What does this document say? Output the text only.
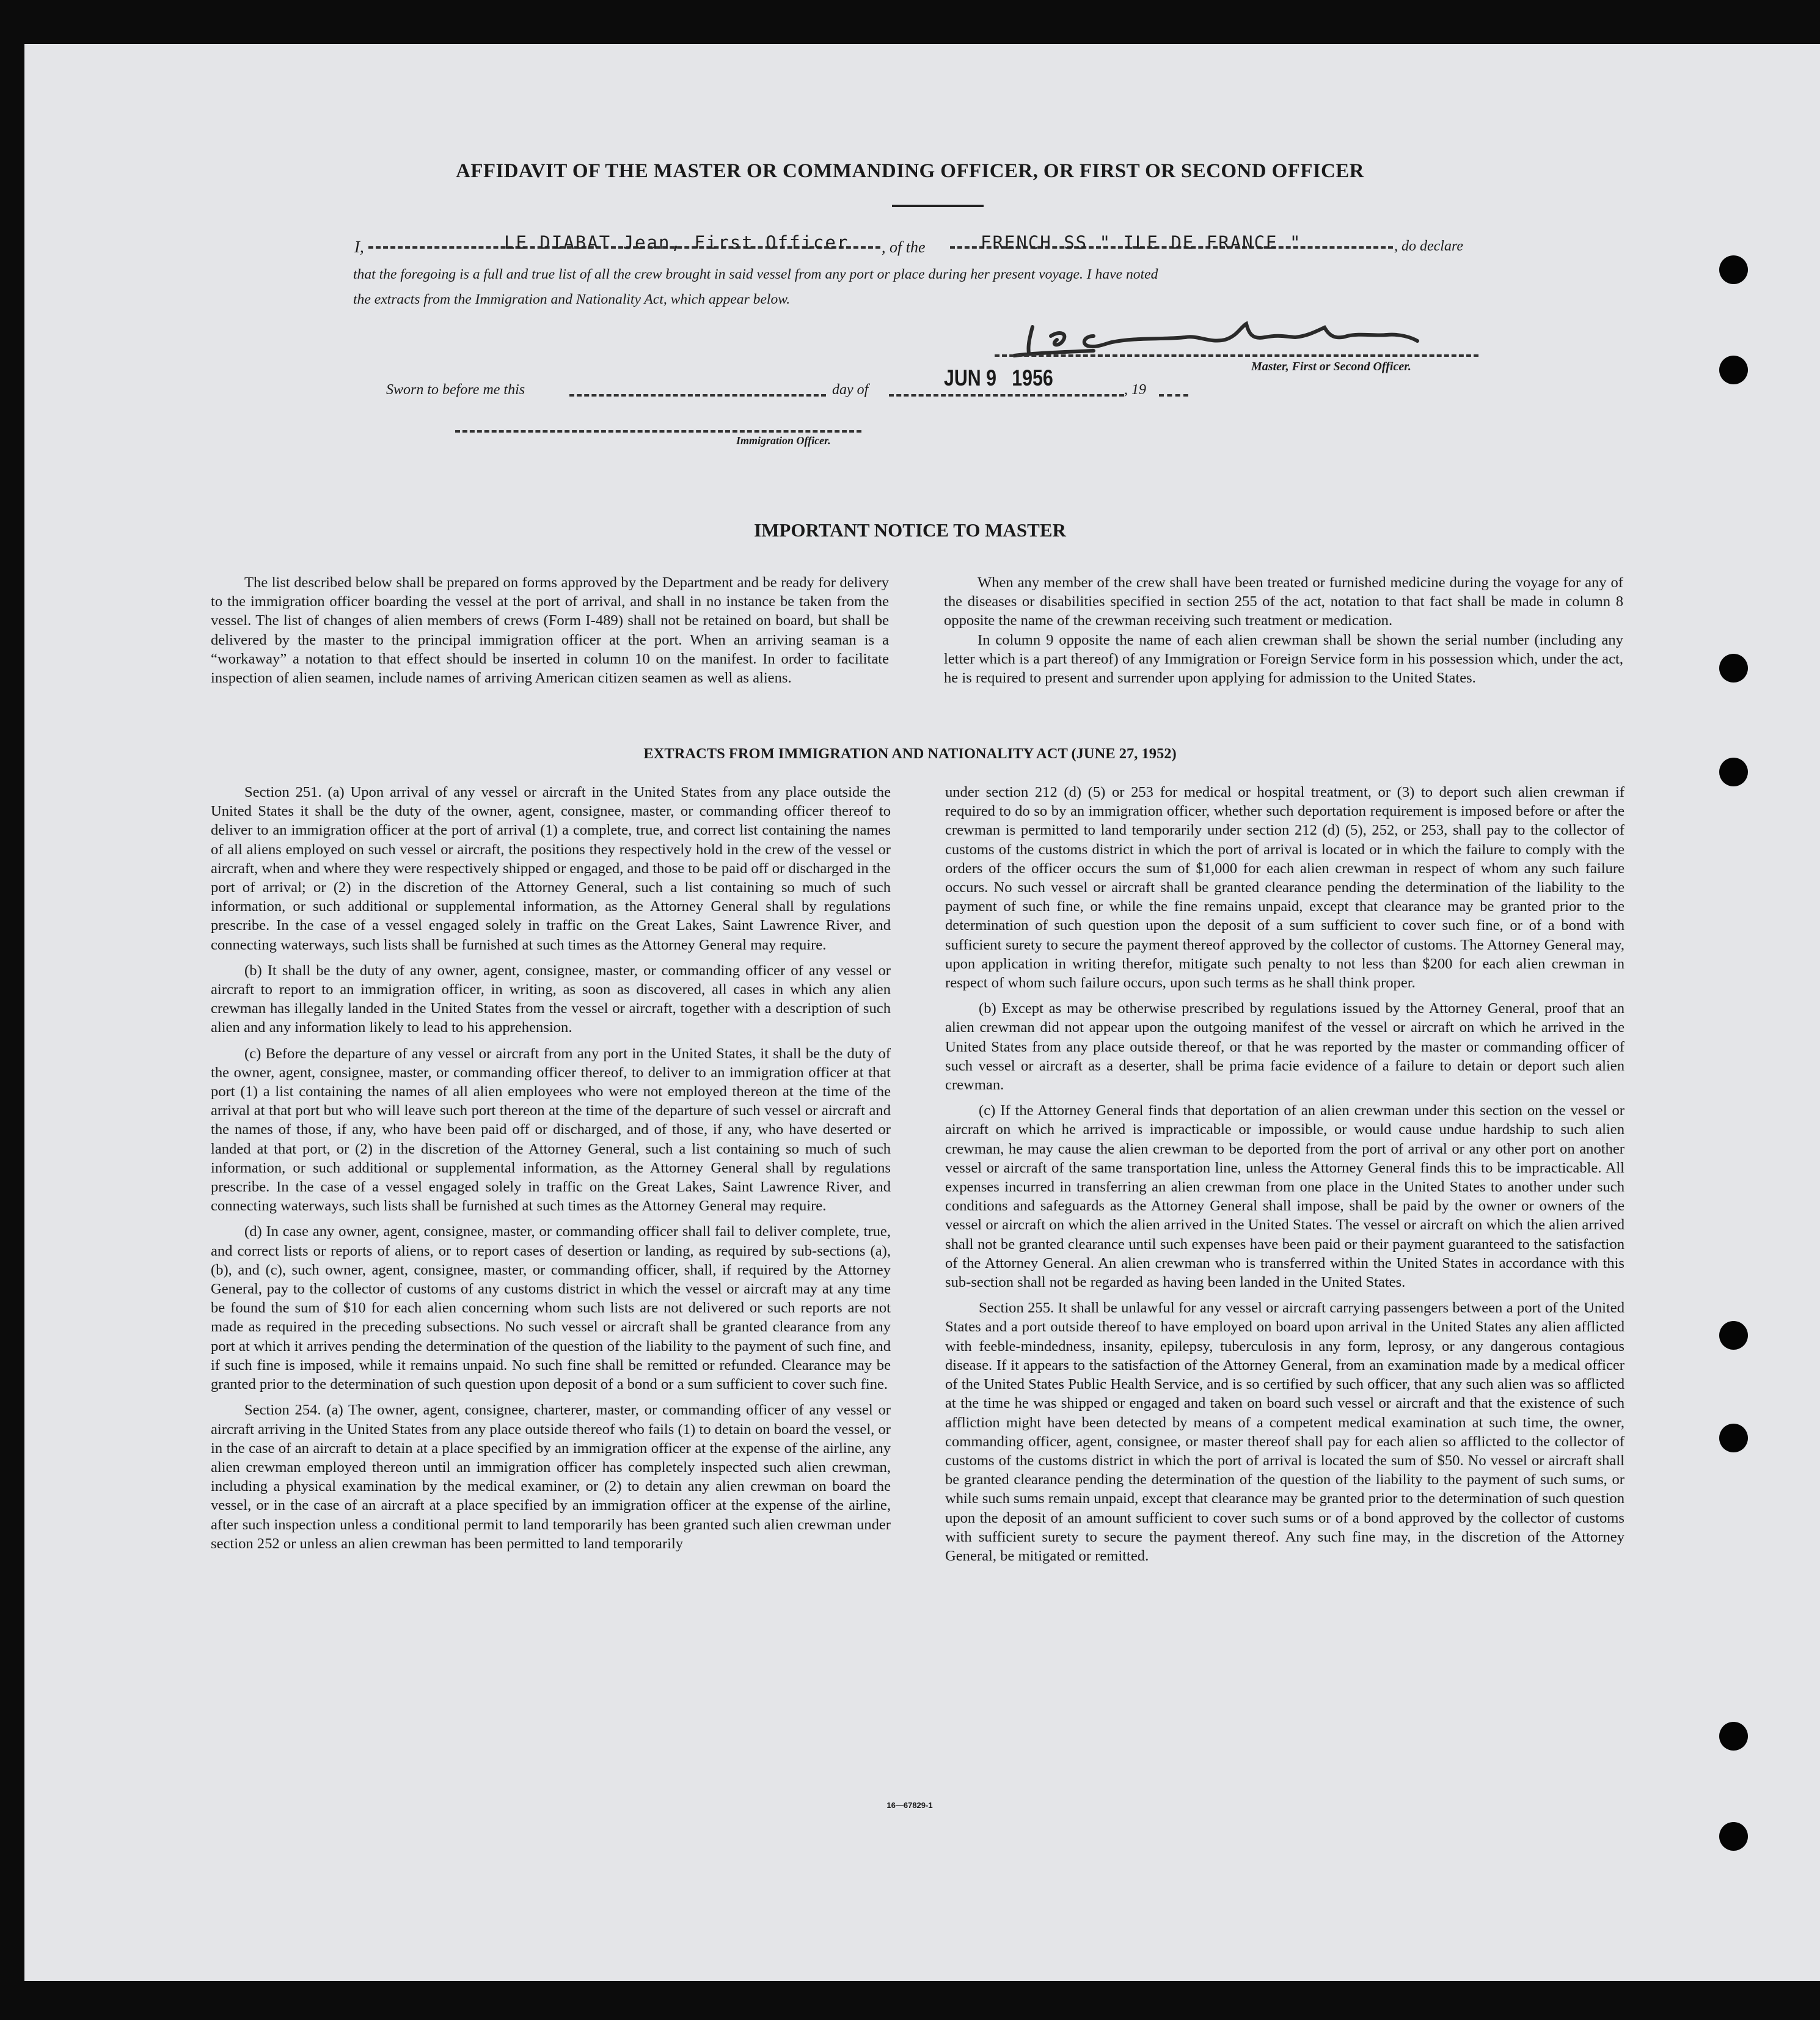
AFFIDAVIT OF THE MASTER OR COMMANDING OFFICER, OR FIRST OR SECOND OFFICER
I,	LE DIABAT Jean, First Officer , of the	FRENCH SS " ILE DE FRANCE "	, do declare
that the foregoing is a full and true list of all the crew brought in said vessel from any port or place during her present voyage. I have noted
the extracts from the Immigration and Nationality Act, which appear below.
Master, First or Second Officer.
Sworn to before me this	day of	JUN 9   1956	, 19
Immigration Officer.
IMPORTANT NOTICE TO MASTER

The list described below shall be prepared on forms approved by the Department and be ready for delivery to the immigration officer boarding the vessel at the port of arrival, and shall in no instance be taken from the vessel. The list of changes of alien members of crews (Form I-489) shall not be retained on board, but shall be delivered by the master to the principal immigration officer at the port. When an arriving seaman is a “workaway” a notation to that effect should be inserted in column 10 on the manifest. In order to facilitate inspection of alien seamen, include names of arriving American citizen seamen as well as aliens.

When any member of the crew shall have been treated or furnished medicine during the voyage for any of the diseases or disabilities specified in section 255 of the act, notation to that fact shall be made in column 8 opposite the name of the crewman receiving such treatment or medication.

In column 9 opposite the name of each alien crewman shall be shown the serial number (including any letter which is a part thereof) of any Immigration or Foreign Service form in his possession which, under the act, he is required to present and surrender upon applying for admission to the United States.

EXTRACTS FROM IMMIGRATION AND NATIONALITY ACT (JUNE 27, 1952)

Section 251. (a) Upon arrival of any vessel or aircraft in the United States from any place outside the United States it shall be the duty of the owner, agent, consignee, master, or commanding officer thereof to deliver to an immigration officer at the port of arrival (1) a complete, true, and correct list containing the names of all aliens employed on such vessel or aircraft, the positions they respectively hold in the crew of the vessel or aircraft, when and where they were respectively shipped or engaged, and those to be paid off or discharged in the port of arrival; or (2) in the discretion of the Attorney General, such a list containing so much of such information, or such additional or supplemental information, as the Attorney General shall by regulations prescribe. In the case of a vessel engaged solely in traffic on the Great Lakes, Saint Lawrence River, and connecting waterways, such lists shall be furnished at such times as the Attorney General may require.

(b) It shall be the duty of any owner, agent, consignee, master, or commanding officer of any vessel or aircraft to report to an immigration officer, in writing, as soon as discovered, all cases in which any alien crewman has illegally landed in the United States from the vessel or aircraft, together with a description of such alien and any information likely to lead to his apprehension.

(c) Before the departure of any vessel or aircraft from any port in the United States, it shall be the duty of the owner, agent, consignee, master, or commanding officer thereof, to deliver to an immigration officer at that port (1) a list containing the names of all alien employees who were not employed thereon at the time of the arrival at that port but who will leave such port thereon at the time of the departure of such vessel or aircraft and the names of those, if any, who have been paid off or discharged, and of those, if any, who have deserted or landed at that port, or (2) in the discretion of the Attorney General, such a list containing so much of such information, or such additional or supplemental information, as the Attorney General shall by regulations prescribe. In the case of a vessel engaged solely in traffic on the Great Lakes, Saint Lawrence River, and connecting waterways, such lists shall be furnished at such times as the Attorney General may require.

(d) In case any owner, agent, consignee, master, or commanding officer shall fail to deliver complete, true, and correct lists or reports of aliens, or to report cases of desertion or landing, as required by sub-sections (a), (b), and (c), such owner, agent, consignee, master, or commanding officer, shall, if required by the Attorney General, pay to the collector of customs of any customs district in which the vessel or aircraft may at any time be found the sum of $10 for each alien concerning whom such lists are not delivered or such reports are not made as required in the preceding subsections. No such vessel or aircraft shall be granted clearance from any port at which it arrives pending the determination of the question of the liability to the payment of such fine, and if such fine is imposed, while it remains unpaid. No such fine shall be remitted or refunded. Clearance may be granted prior to the determination of such question upon deposit of a bond or a sum sufficient to cover such fine.

Section 254. (a) The owner, agent, consignee, charterer, master, or commanding officer of any vessel or aircraft arriving in the United States from any place outside thereof who fails (1) to detain on board the vessel, or in the case of an aircraft to detain at a place specified by an immigration officer at the expense of the airline, any alien crewman employed thereon until an immigration officer has completely inspected such alien crewman, including a physical examination by the medical examiner, or (2) to detain any alien crewman on board the vessel, or in the case of an aircraft at a place specified by an immigration officer at the expense of the airline, after such inspection unless a conditional permit to land temporarily has been granted such alien crewman under section 252 or unless an alien crewman has been permitted to land temporarily

under section 212 (d) (5) or 253 for medical or hospital treatment, or (3) to deport such alien crewman if required to do so by an immigration officer, whether such deportation requirement is imposed before or after the crewman is permitted to land temporarily under section 212 (d) (5), 252, or 253, shall pay to the collector of customs of the customs district in which the port of arrival is located or in which the failure to comply with the orders of the officer occurs the sum of $1,000 for each alien crewman in respect of whom any such failure occurs. No such vessel or aircraft shall be granted clearance pending the determination of the liability to the payment of such fine, or while the fine remains unpaid, except that clearance may be granted prior to the determination of such question upon the deposit of a sum sufficient to cover such fine, or of a bond with sufficient surety to secure the payment thereof approved by the collector of customs. The Attorney General may, upon application in writing therefor, mitigate such penalty to not less than $200 for each alien crewman in respect of whom such failure occurs, upon such terms as he shall think proper.

(b) Except as may be otherwise prescribed by regulations issued by the Attorney General, proof that an alien crewman did not appear upon the outgoing manifest of the vessel or aircraft on which he arrived in the United States from any place outside thereof, or that he was reported by the master or commanding officer of such vessel or aircraft as a deserter, shall be prima facie evidence of a failure to detain or deport such alien crewman.

(c) If the Attorney General finds that deportation of an alien crewman under this section on the vessel or aircraft on which he arrived is impracticable or impossible, or would cause undue hardship to such alien crewman, he may cause the alien crewman to be deported from the port of arrival or any other port on another vessel or aircraft of the same transportation line, unless the Attorney General finds this to be impracticable. All expenses incurred in transferring an alien crewman from one place in the United States to another under such conditions and safeguards as the Attorney General shall impose, shall be paid by the owner or owners of the vessel or aircraft on which the alien arrived in the United States. The vessel or aircraft on which the alien arrived shall not be granted clearance until such expenses have been paid or their payment guaranteed to the satisfaction of the Attorney General. An alien crewman who is transferred within the United States in accordance with this sub-section shall not be regarded as having been landed in the United States.

Section 255. It shall be unlawful for any vessel or aircraft carrying passengers between a port of the United States and a port outside thereof to have employed on board upon arrival in the United States any alien afflicted with feeble-mindedness, insanity, epilepsy, tuberculosis in any form, leprosy, or any dangerous contagious disease. If it appears to the satisfaction of the Attorney General, from an examination made by a medical officer of the United States Public Health Service, and is so certified by such officer, that any such alien was so afflicted at the time he was shipped or engaged and taken on board such vessel or aircraft and that the existence of such affliction might have been detected by means of a competent medical examination at such time, the owner, commanding officer, agent, consignee, or master thereof shall pay for each alien so afflicted to the collector of customs of the customs district in which the port of arrival is located the sum of $50. No vessel or aircraft shall be granted clearance pending the determination of the question of the liability to the payment of such sums, or while such sums remain unpaid, except that clearance may be granted prior to the determination of such question upon the deposit of an amount sufficient to cover such sums or of a bond approved by the collector of customs with sufficient surety to secure the payment thereof. Any such fine may, in the discretion of the Attorney General, be mitigated or remitted.

16—67829-1
